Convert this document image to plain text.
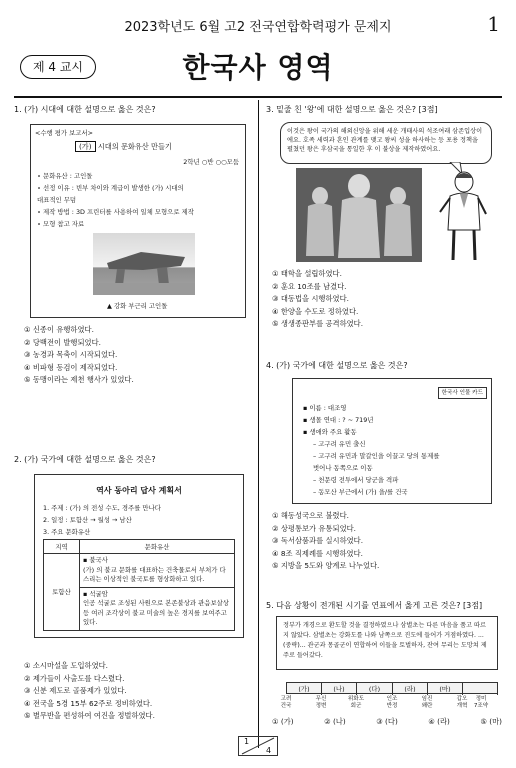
2023학년도 6월 고2 전국연합학력평가 문제지	1
제 4 교시	한국사 영역
1. (가) 시대에 대한 설명으로 옳은 것은?
<수행 평가 보고서>
(가) 시대의 문화유산 만들기
2학년 ○반 ○○모둠
∘ 문화유산 : 고인돌
∘ 선정 이유 : 빈부 차이와 계급이 발생한 (가) 시대의
대표적인 무덤
∘ 제작 방법 : 3D 프린터를 사용하여 일체 모형으로 제작
∘ 모형 참고 자료
▲ 강화 부근리 고인돌
① 신종이 유행하였다.
② 당백전이 발행되었다.
③ 농경과 목축이 시작되었다.
④ 비파형 동검이 제작되었다.
⑤ 동맹이라는 제천 행사가 있었다.
2. (가) 국가에 대한 설명으로 옳은 것은?
역사 동아리 답사 계획서
1. 주제 : (가) 의 전성 수도, 경주를 만나다
2. 일정 : 토함산 → 월성 → 남산
3. 주요 문화유산
지역	문화유산
토함산	▪ 불국사
(가) 의 불교 문화를 대표하는 건축물로서 부처가 다스리는 이상적인 불국토를 형상화하고 있다.

	▪ 석굴암
인공 석굴로 조성된 사원으로 본존불상과 관음보살상 등 여러 조각상이 불교 미술의 높은 경지를 보여주고 있다.
① 소시마설을 도입하였다.
② 제가들이 사출도를 다스렸다.
③ 신분 제도로 골품제가 있었다.
④ 전국을 5경 15부 62주로 정비하였다.
⑤ 별무반을 편성하여 여진을 정벌하였다.
3. 밑줄 친 '왕'에 대한 설명으로 옳은 것은? [3점]
이것은 왕이 국가의 해외신앙을 위해 세운 개태사의 석조여래 삼존입상이에요. 호족 세력과 혼인 관계를 맺고 왕씨 성을 하사하는 등 포용 정책을 펼쳤던 왕은 후삼국을 통일한 후 이 불상을 제작하였어요.
① 태학을 설립하였다.
② 훈요 10조를 남겼다.
③ 대동법을 시행하였다.
④ 한양을 수도로 정하였다.
⑤ 생생종판부를 공격하였다.
4. (가) 국가에 대한 설명으로 옳은 것은?
한국사 인물 카드
▪ 이름 : 대조영
▪ 생몰 연대 : ? ~ 719년
▪ 생애와 주요 활동
– 고구려 유민 출신
– 고구려 유민과 말갈인을 이끌고 당의 통제를
벗어나 동쪽으로 이동
– 천문령 전투에서 당군을 격파
– 동모산 부근에서 (가) 을/를 건국
① 해동성국으로 불렸다.
② 상평통보가 유통되었다.
③ 독서삼품과를 실시하였다.
④ 8조 직제례를 시행하였다.
⑤ 지방을 5도와 양계로 나누었다.
5. 다음 상황이 전개된 시기를 연표에서 옳게 고른 것은? [3점]
정부가 개경으로 환도할 것을 결정하였으나 삼별초는 다른 마음을 품고 따르지 않았다. 삼별초는 강화도를 나와 남쪽으로 진도에 들어가 거점하였다. ...(중략)... 관군과 몽골군이 연합하여 이들을 토벌하자, 잔여 무리는 도망쳐 제주로 들어갔다.
(가)	(나)	(다)	(라)	(마)
고려
건국
무신
정변
위화도
회군
인조
반정
임진
왜란
갑오
개혁
정미
7조약
① (가)	② (나)	③ (다)	④ (라)	⑤ (마)
1
4
